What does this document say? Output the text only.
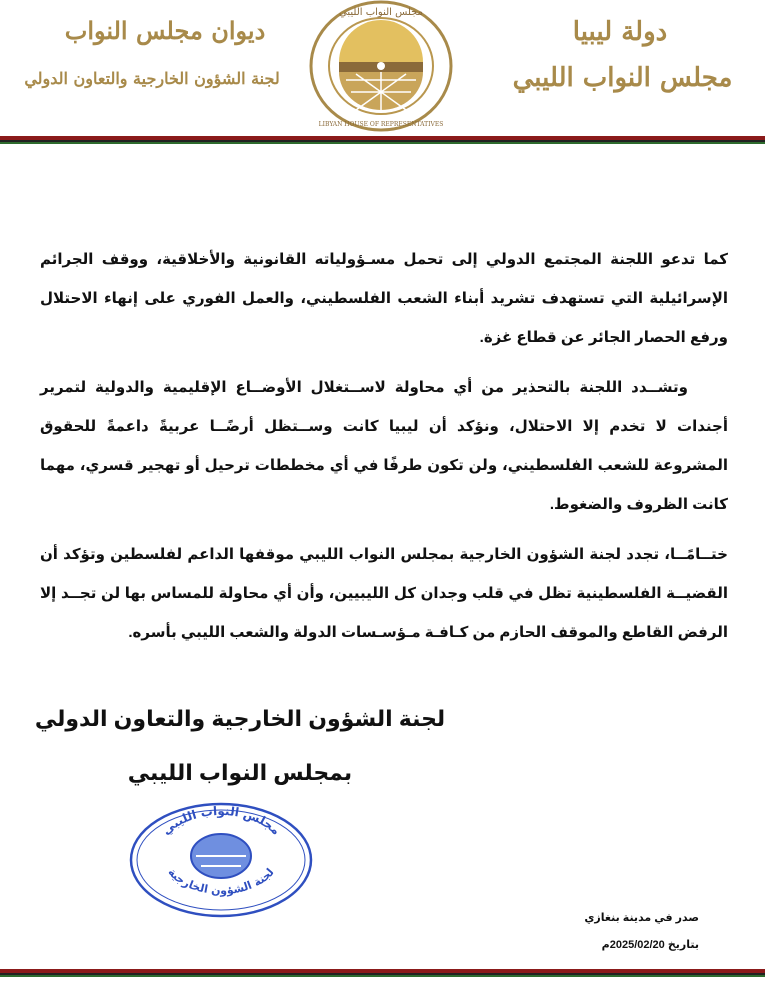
دولة ليبيا
مجلس النواب الليبي
ديوان مجلس النواب
لجنة الشؤون الخارجية والتعاون الدولي
مجلس النواب الليبي
LIBYAN HOUSE OF REPRESENTATIVES
كما تدعو اللجنة المجتمع الدولي إلى تحمل مسـؤولياته القانونية والأخلاقية، ووقف الجرائم
الإسرائيلية التي تستهدف تشريد أبناء الشعب الفلسطيني، والعمل الفوري على إنهاء الاحتلال
ورفع الحصار الجائر عن قطاع غزة.
وتشــدد اللجنة بالتحذير من أي محاولة لاســتغلال الأوضــاع الإقليمية والدولية لتمرير
أجندات لا تخدم إلا الاحتلال، ونؤكد أن ليبيا كانت وســتظل أرضًــا عربيةً داعمةً للحقوق
المشروعة للشعب الفلسطيني، ولن تكون طرفًا في أي مخططات ترحيل أو تهجير قسري، مهما
كانت الظروف والضغوط.
ختــامًــا، تجدد لجنة الشؤون الخارجية بمجلس النواب الليبي موقفها الداعم لفلسطين وتؤكد أن
القضيــة الفلسطينية تظل في قلب وجدان كل الليبيين، وأن أي محاولة للمساس بها لن تجــد إلا
الرفض القاطع والموقف الحازم من كـافـة مـؤسـسات الدولة والشعب الليبي بأسره.
لجنة الشؤون الخارجية والتعاون الدولي
بمجلس النواب الليبي
مجلس النواب الليبي
لجنة الشؤون الخارجية
صدر في مدينة بنغازي
بتاريخ 2025/02/20م
